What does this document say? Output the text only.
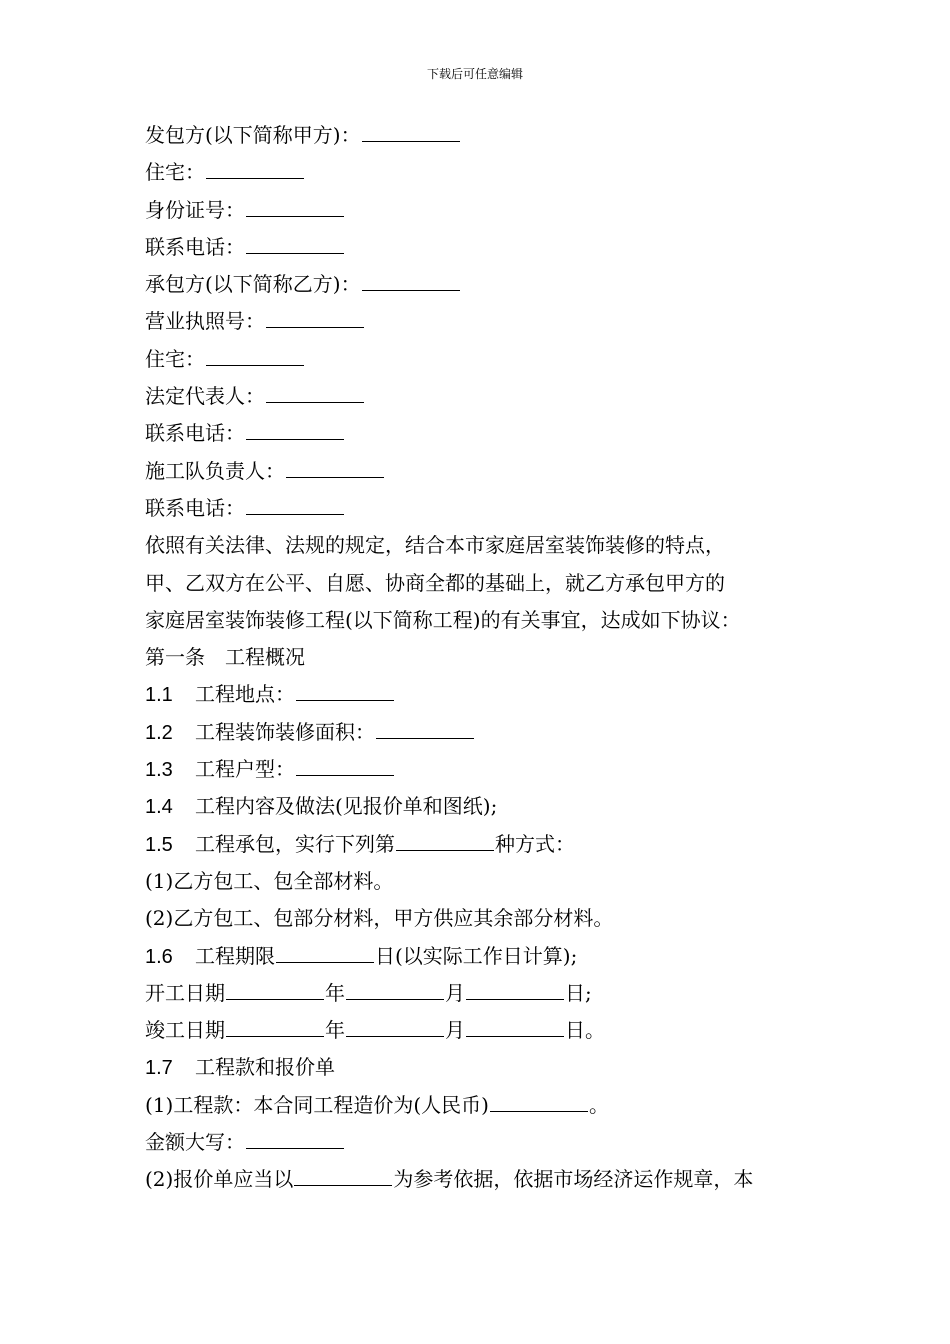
下载后可任意编辑
发包方(以下简称甲方)：
住宅：
身份证号：
联系电话：
承包方(以下简称乙方)：
营业执照号：
住宅：
法定代表人：
联系电话：
施工队负责人：
联系电话：
依照有关法律、法规的规定，结合本市家庭居室装饰装修的特点，
甲、乙双方在公平、自愿、协商全都的基础上，就乙方承包甲方的
家庭居室装饰装修工程(以下简称工程)的有关事宜，达成如下协议：
第一条　工程概况
1.1 工程地点：
1.2 工程装饰装修面积：
1.3 工程户型：
1.4 工程内容及做法(见报价单和图纸);
1.5 工程承包，实行下列第	种方式：
(1)乙方包工、包全部材料。
(2)乙方包工、包部分材料，甲方供应其余部分材料。
1.6 工程期限	日(以实际工作日计算);
开工日期	年	月	日;
竣工日期	年	月	日。
1.7 工程款和报价单
(1)工程款：本合同工程造价为(人民币)	。
金额大写：
(2)报价单应当以	为参考依据，依据市场经济运作规章，本
